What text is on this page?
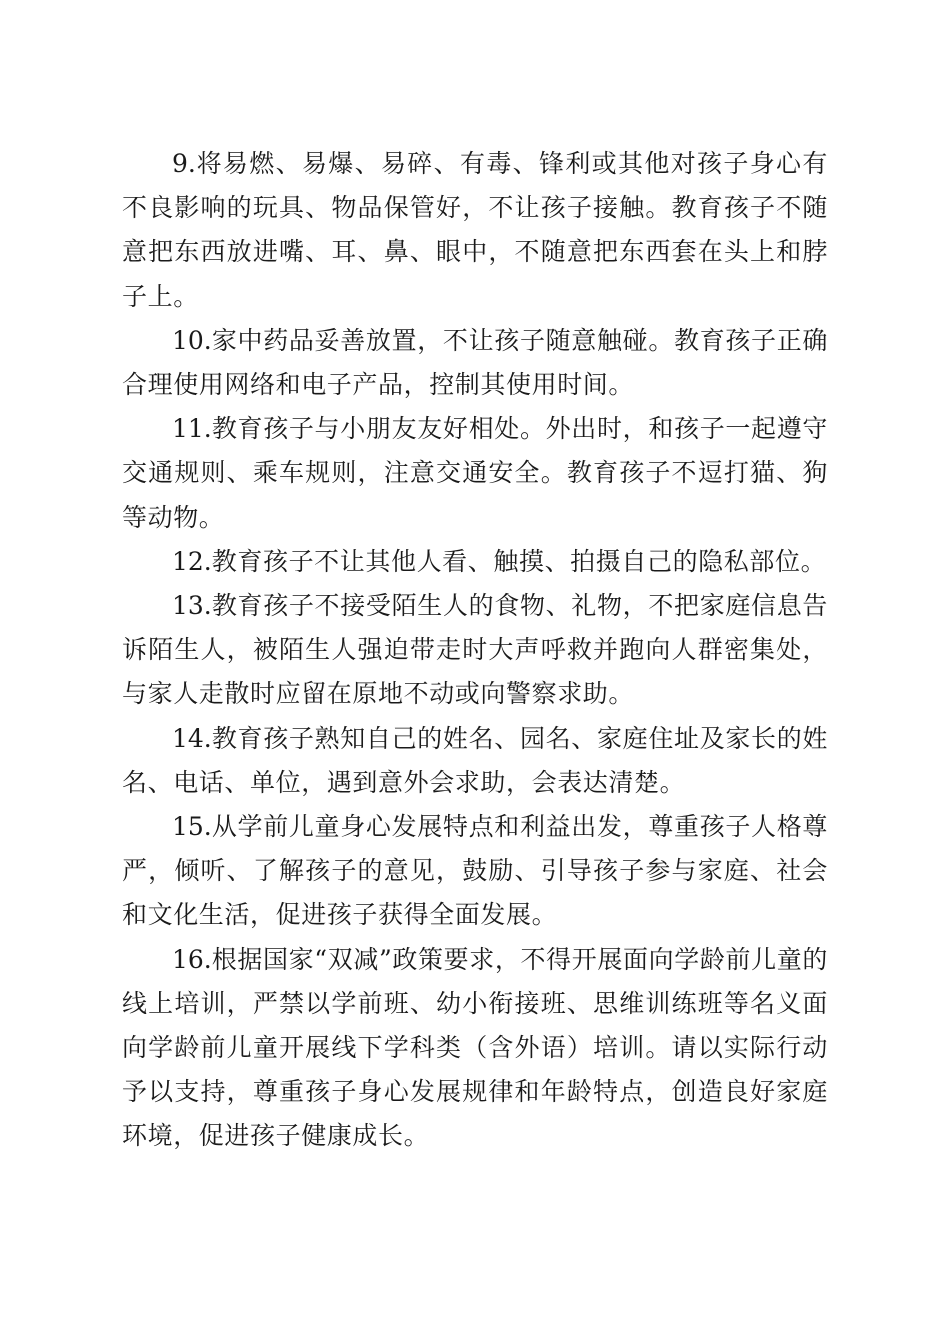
9.将易燃、易爆、易碎、有毒、锋利或其他对孩子身心有不良影响的玩具、物品保管好，不让孩子接触。教育孩子不随意把东西放进嘴、耳、鼻、眼中，不随意把东西套在头上和脖子上。

10.家中药品妥善放置，不让孩子随意触碰。教育孩子正确合理使用网络和电子产品，控制其使用时间。

11.教育孩子与小朋友友好相处。外出时，和孩子一起遵守交通规则、乘车规则，注意交通安全。教育孩子不逗打猫、狗等动物。

12.教育孩子不让其他人看、触摸、拍摄自己的隐私部位。

13.教育孩子不接受陌生人的食物、礼物，不把家庭信息告诉陌生人，被陌生人强迫带走时大声呼救并跑向人群密集处，与家人走散时应留在原地不动或向警察求助。

14.教育孩子熟知自己的姓名、园名、家庭住址及家长的姓名、电话、单位，遇到意外会求助，会表达清楚。

15.从学前儿童身心发展特点和利益出发，尊重孩子人格尊严，倾听、了解孩子的意见，鼓励、引导孩子参与家庭、社会和文化生活，促进孩子获得全面发展。

16.根据国家“双减”政策要求，不得开展面向学龄前儿童的线上培训，严禁以学前班、幼小衔接班、思维训练班等名义面向学龄前儿童开展线下学科类（含外语）培训。请以实际行动予以支持，尊重孩子身心发展规律和年龄特点，创造良好家庭环境，促进孩子健康成长。
